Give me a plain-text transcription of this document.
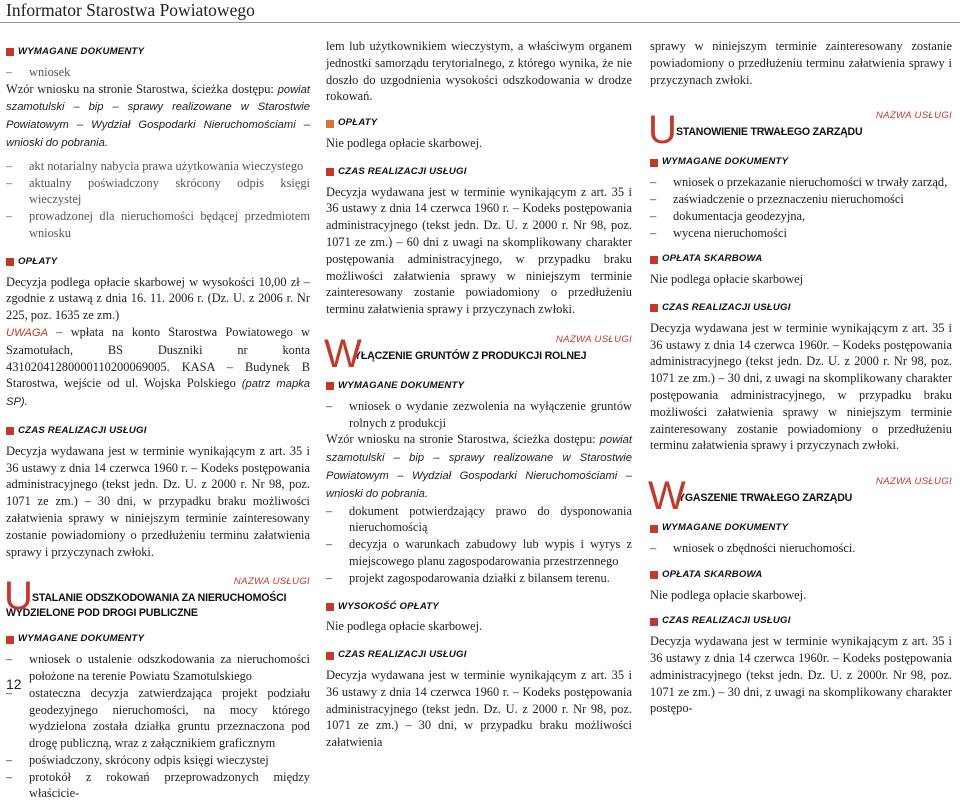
Informator Starostwa Powiatowego
WYMAGANE DOKUMENTY
– wniosek

Wzór wniosku na stronie Starostwa, ścieżka dostępu: powiat szamotulski – bip – sprawy realizowane w Starostwie Powiatowym – Wydział Gospodarki Nieruchomościami – wnioski do pobrania.

– akt notarialny nabycia prawa użytkowania wieczystego
– aktualny poświadczony skrócony odpis księgi wieczystej
– prowadzonej dla nieruchomości będącej przedmiotem wniosku
OPŁATY

Decyzja podlega opłacie skarbowej w wysokości 10,00 zł – zgodnie z ustawą z dnia 16. 11. 2006 r. (Dz. U. z 2006 r. Nr 225, poz. 1635 ze zm.)

UWAGA – wpłata na konto Starostwa Powiatowego w Szamotułach, BS Duszniki nr konta 43102041280000110200069005. KASA – Budynek B Starostwa, wejście od ul. Wojska Polskiego (patrz mapka SP).

CZAS REALIZACJI USŁUGI

Decyzja wydawana jest w terminie wynikającym z art. 35 i 36 ustawy z dnia 14 czerwca 1960 r. – Kodeks postępowania administracyjnego (tekst jedn. Dz. U. z 2000 r. Nr 98, poz. 1071 ze zm.) – 30 dni, w przypadku braku możliwości załatwienia sprawy w niniejszym terminie zainteresowany zostanie powiadomiony o przedłużeniu terminu załatwienia sprawy i przyczynach zwłoki.

U	NAZWA USŁUGI
STALANIE ODSZKODOWANIA ZA NIERUCHOMOŚCI WYDZIELONE POD DROGI PUBLICZNE
WYMAGANE DOKUMENTY
– wniosek o ustalenie odszkodowania za nieruchomości położone na terenie Powiatu Szamotulskiego
– ostateczna decyzja zatwierdzająca projekt podziału geodezyjnego nieruchomości, na mocy którego wydzielona została działka gruntu przeznaczona pod drogę publiczną, wraz z załącznikiem graficznym
– poświadczony, skrócony odpis księgi wieczystej
– protokół z rokowań przeprowadzonych między właścicie-

lem lub użytkownikiem wieczystym, a właściwym organem jednostki samorządu terytorialnego, z którego wynika, że nie doszło do uzgodnienia wysokości odszkodowania w drodze rokowań.

OPŁATY

Nie podlega opłacie skarbowej.

CZAS REALIZACJI USŁUGI

Decyzja wydawana jest w terminie wynikającym z art. 35 i 36 ustawy z dnia 14 czerwca 1960 r. – Kodeks postępowania administracyjnego (tekst jedn. Dz. U. z 2000 r. Nr 98, poz. 1071 ze zm.) – 60 dni z uwagi na skomplikowany charakter postępowania administracyjnego, w przypadku braku możliwości załatwienia sprawy w niniejszym terminie zainteresowany zostanie powiadomiony o przedłużeniu terminu załatwienia sprawy i przyczynach zwłoki.

W	NAZWA USŁUGI
YŁĄCZENIE GRUNTÓW Z PRODUKCJI ROLNEJ
WYMAGANE DOKUMENTY
– wniosek o wydanie zezwolenia na wyłączenie gruntów rolnych z produkcji

Wzór wniosku na stronie Starostwa, ścieżka dostępu: powiat szamotulski – bip – sprawy realizowane w Starostwie Powiatowym – Wydział Gospodarki Nieruchomościami – wnioski do pobrania.

– dokument potwierdzający prawo do dysponowania nieruchomością
– decyzja o warunkach zabudowy lub wypis i wyrys z miejscowego planu zagospodarowania przestrzennego
– projekt zagospodarowania działki z bilansem terenu.
WYSOKOŚĆ OPŁATY

Nie podlega opłacie skarbowej.

CZAS REALIZACJI USŁUGI

Decyzja wydawana jest w terminie wynikającym z art. 35 i 36 ustawy z dnia 14 czerwca 1960 r. – Kodeks postępowania administracyjnego (tekst jedn. Dz. U. z 2000 r. Nr 98, poz. 1071 ze zm.) – 30 dni, w przypadku braku możliwości załatwienia

sprawy w niniejszym terminie zainteresowany zostanie powiadomiony o przedłużeniu terminu załatwienia sprawy i przyczynach zwłoki.

U	NAZWA USŁUGI
STANOWIENIE TRWAŁEGO ZARZĄDU
WYMAGANE DOKUMENTY
– wniosek o przekazanie nieruchomości w trwały zarząd,
– zaświadczenie o przeznaczeniu nieruchomości
– dokumentacja geodezyjna,
– wycena nieruchomości
OPŁATA SKARBOWA

Nie podlega opłacie skarbowej

CZAS REALIZACJI USŁUGI

Decyzja wydawana jest w terminie wynikającym z art. 35 i 36 ustawy z dnia 14 czerwca 1960r. – Kodeks postępowania administracyjnego (tekst jedn. Dz. U. z 2000 r. Nr 98, poz. 1071 ze zm.) – 30 dni, z uwagi na skomplikowany charakter postępowania administracyjnego, w przypadku braku możliwości załatwienia sprawy w niniejszym terminie zainteresowany zostanie powiadomiony o przedłużeniu terminu załatwienia sprawy i przyczynach zwłoki.

W	NAZWA USŁUGI
YGASZENIE TRWAŁEGO ZARZĄDU
WYMAGANE DOKUMENTY
– wniosek o zbędności nieruchomości.
OPŁATA SKARBOWA

Nie podlega opłacie skarbowej.

CZAS REALIZACJI USŁUGI

Decyzja wydawana jest w terminie wynikającym z art. 35 i 36 ustawy z dnia 14 czerwca 1960r. – Kodeks postępowania administracyjnego (tekst jedn. Dz. U. z 2000r. Nr 98, poz. 1071 ze zm.) – 30 dni, z uwagi na skomplikowany charakter postępo-

12
